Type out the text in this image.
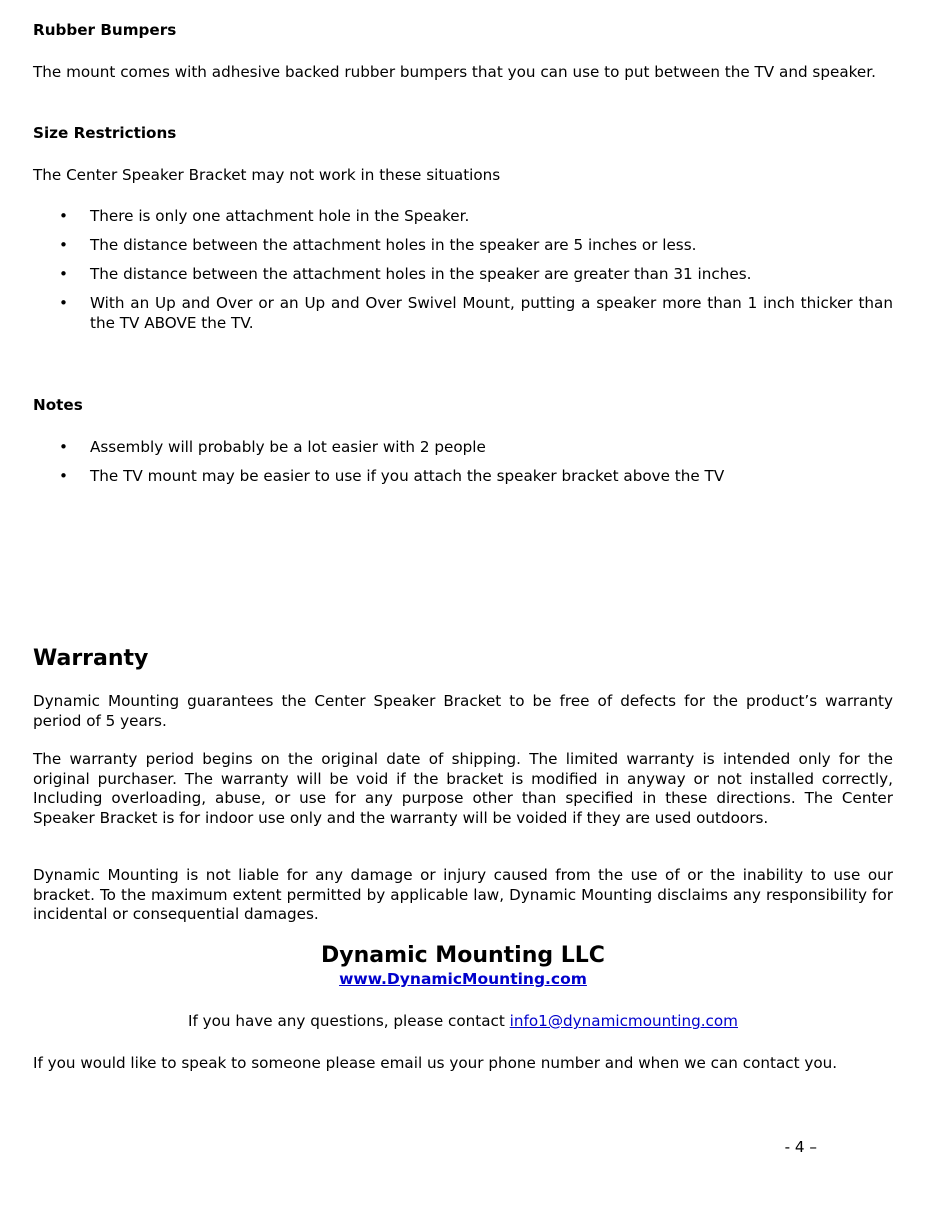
Rubber Bumpers

The mount comes with adhesive backed rubber bumpers that you can use to put between the TV and speaker.

Size Restrictions

The Center Speaker Bracket may not work in these situations

• There is only one attachment hole in the Speaker.
• The distance between the attachment holes in the speaker are 5 inches or less.
• The distance between the attachment holes in the speaker are greater than 31 inches.
• With an Up and Over or an Up and Over Swivel Mount, putting a speaker more than 1 inch thicker than the TV ABOVE the TV.

Notes

• Assembly will probably be a lot easier with 2 people
• The TV mount may be easier to use if you attach the speaker bracket above the TV

Warranty

Dynamic Mounting guarantees the Center Speaker Bracket to be free of defects for the product’s warranty period of 5 years.

The warranty period begins on the original date of shipping. The limited warranty is intended only for the original purchaser. The warranty will be void if the bracket is modified in anyway or not installed correctly, Including overloading, abuse, or use for any purpose other than specified in these directions. The Center Speaker Bracket is for indoor use only and the warranty will be voided if they are used outdoors.

Dynamic Mounting is not liable for any damage or injury caused from the use of or the inability to use our bracket. To the maximum extent permitted by applicable law, Dynamic Mounting disclaims any responsibility for incidental or consequential damages.

Dynamic Mounting LLC

www.DynamicMounting.com

If you have any questions, please contact info1@dynamicmounting.com

If you would like to speak to someone please email us your phone number and when we can contact you.

- 4 –
